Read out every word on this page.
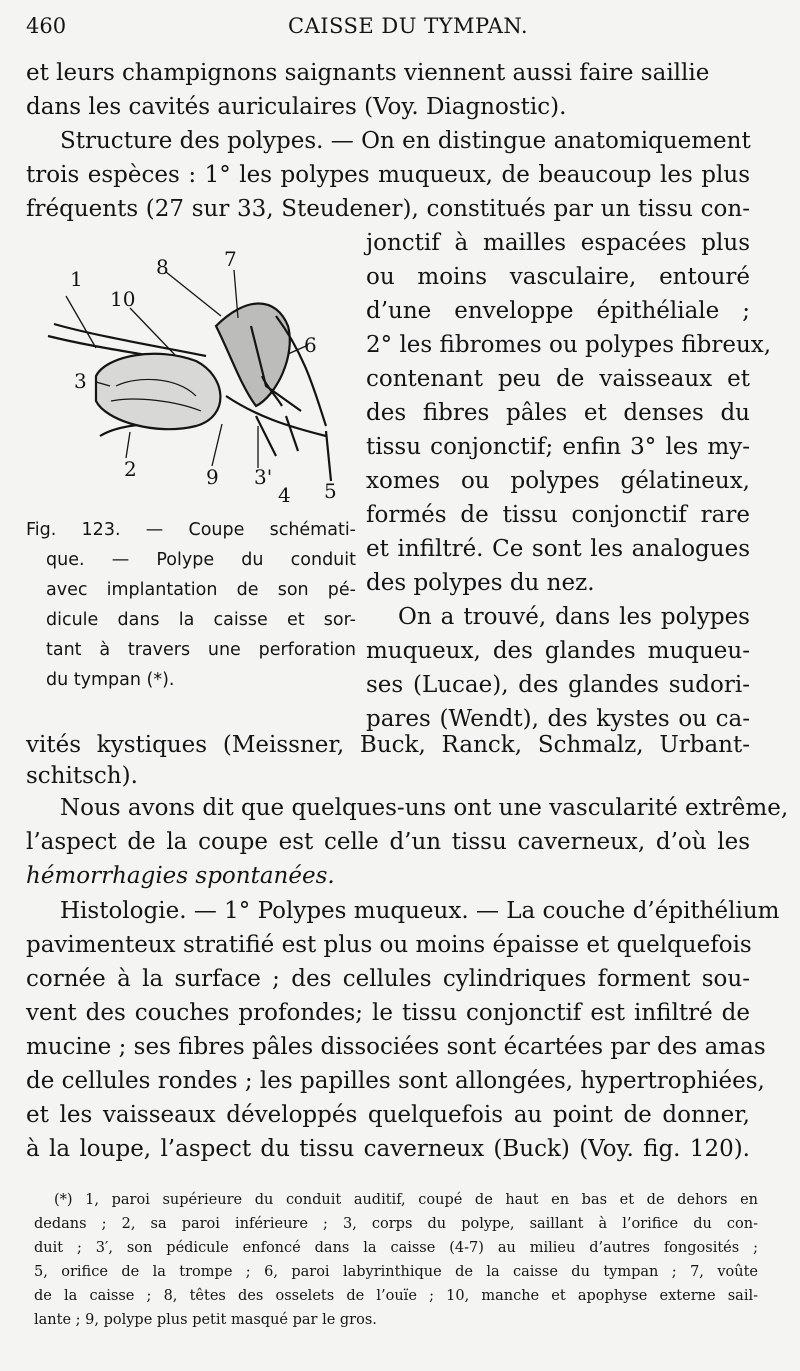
460	CAISSE DU TYMPAN.
et leurs champignons saignants viennent aussi faire saillie
dans les cavités auriculaires (Voy. Diagnostic).
Structure des polypes. — On en distingue anatomiquement
trois espèces : 1° les polypes muqueux, de beaucoup les plus
fréquents (27 sur 33, Steudener), constitués par un tissu con-
jonctif à mailles espacées plus
ou moins vasculaire, entouré
d’une enveloppe épithéliale ;
2° les fibromes ou polypes fibreux,
contenant peu de vaisseaux et
des fibres pâles et denses du
tissu conjonctif; enfin 3° les my-
xomes ou polypes gélatineux,
formés de tissu conjonctif rare
et infiltré. Ce sont les analogues
des polypes du nez.
On a trouvé, dans les polypes
muqueux, des glandes muqueu-
ses (Lucae), des glandes sudori-
pares (Wendt), des kystes ou ca-
1	8	7
10
6
3
2	9 3'
4 5
Fig. 123. — Coupe schémati-
que. — Polype du conduit
avec implantation de son pé-
dicule dans la caisse et sor-
tant à travers une perforation
du tympan (*).
vités kystiques (Meissner, Buck, Ranck, Schmalz, Urbant-
schitsch).
Nous avons dit que quelques-uns ont une vascularité extrême,
l’aspect de la coupe est celle d’un tissu caverneux, d’où les
hémorrhagies spontanées.
Histologie. — 1° Polypes muqueux. — La couche d’épithélium
pavimenteux stratifié est plus ou moins épaisse et quelquefois
cornée à la surface ; des cellules cylindriques forment sou-
vent des couches profondes; le tissu conjonctif est infiltré de
mucine ; ses fibres pâles dissociées sont écartées par des amas
de cellules rondes ; les papilles sont allongées, hypertrophiées,
et les vaisseaux développés quelquefois au point de donner,
à la loupe, l’aspect du tissu caverneux (Buck) (Voy. fig. 120).
(*) 1, paroi supérieure du conduit auditif, coupé de haut en bas et de dehors en
dedans ; 2, sa paroi inférieure ; 3, corps du polype, saillant à l’orifice du con-
duit ; 3′, son pédicule enfoncé dans la caisse (4-7) au milieu d’autres fongosités ;
5, orifice de la trompe ; 6, paroi labyrinthique de la caisse du tympan ; 7, voûte
de la caisse ; 8, têtes des osselets de l’ouïe ; 10, manche et apophyse externe sail-
lante ; 9, polype plus petit masqué par le gros.
